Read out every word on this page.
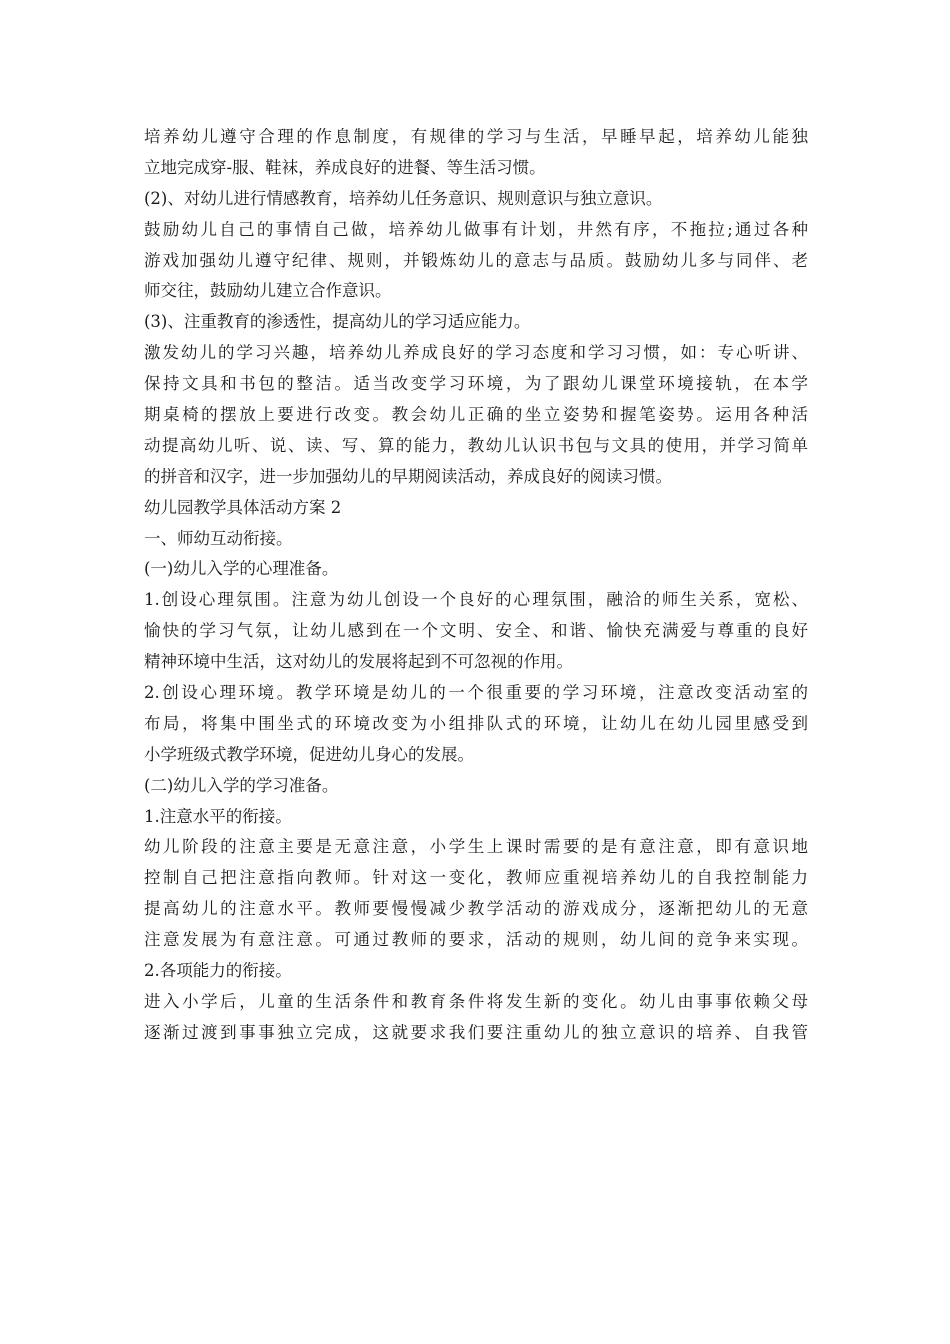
培养幼儿遵守合理的作息制度，有规律的学习与生活，早睡早起，培养幼儿能独
立地完成穿-服、鞋袜，养成良好的进餐、等生活习惯。
(2)、对幼儿进行情感教育，培养幼儿任务意识、规则意识与独立意识。
鼓励幼儿自己的事情自己做，培养幼儿做事有计划，井然有序，不拖拉;通过各种
游戏加强幼儿遵守纪律、规则，并锻炼幼儿的意志与品质。鼓励幼儿多与同伴、老
师交往，鼓励幼儿建立合作意识。
(3)、注重教育的渗透性，提高幼儿的学习适应能力。
激发幼儿的学习兴趣，培养幼儿养成良好的学习态度和学习习惯，如：专心听讲、
保持文具和书包的整洁。适当改变学习环境，为了跟幼儿课堂环境接轨，在本学
期桌椅的摆放上要进行改变。教会幼儿正确的坐立姿势和握笔姿势。运用各种活
动提高幼儿听、说、读、写、算的能力，教幼儿认识书包与文具的使用，并学习简单
的拼音和汉字，进一步加强幼儿的早期阅读活动，养成良好的阅读习惯。
幼儿园教学具体活动方案 2
一、师幼互动衔接。
(一)幼儿入学的心理准备。
1.创设心理氛围。注意为幼儿创设一个良好的心理氛围，融洽的师生关系，宽松、
愉快的学习气氛，让幼儿感到在一个文明、安全、和谐、愉快充满爱与尊重的良好
精神环境中生活，这对幼儿的发展将起到不可忽视的作用。
2.创设心理环境。教学环境是幼儿的一个很重要的学习环境，注意改变活动室的
布局，将集中围坐式的环境改变为小组排队式的环境，让幼儿在幼儿园里感受到
小学班级式教学环境，促进幼儿身心的发展。
(二)幼儿入学的学习准备。
1.注意水平的衔接。
幼儿阶段的注意主要是无意注意，小学生上课时需要的是有意注意，即有意识地
控制自己把注意指向教师。针对这一变化，教师应重视培养幼儿的自我控制能力
提高幼儿的注意水平。教师要慢慢减少教学活动的游戏成分，逐渐把幼儿的无意
注意发展为有意注意。可通过教师的要求，活动的规则，幼儿间的竞争来实现。
2.各项能力的衔接。
进入小学后，儿童的生活条件和教育条件将发生新的变化。幼儿由事事依赖父母
逐渐过渡到事事独立完成，这就要求我们要注重幼儿的独立意识的培养、自我管
